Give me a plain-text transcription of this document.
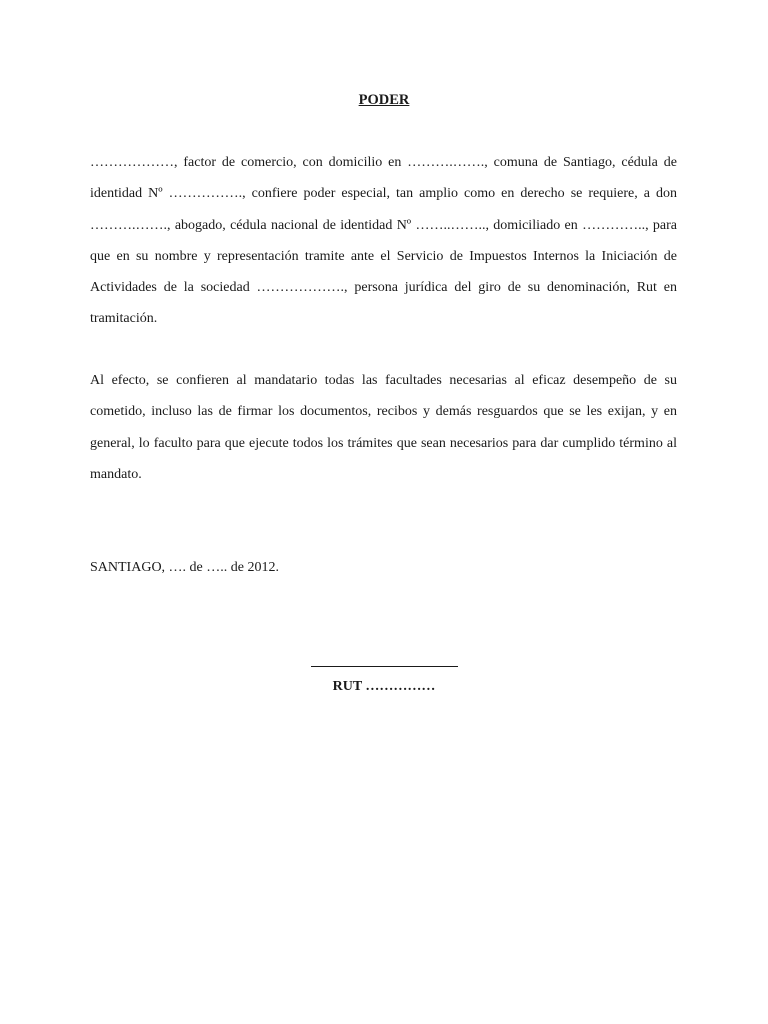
PODER

………………, factor de comercio, con domicilio en ……….……., comuna de Santiago, cédula de identidad Nº ……………., confiere poder especial, tan amplio como en derecho se requiere, a don ……….……., abogado, cédula nacional de identidad Nº ……..…….., domiciliado en ………….., para que en su nombre y representación tramite ante el Servicio de Impuestos Internos la Iniciación de Actividades de la sociedad ………………., persona jurídica del giro de su denominación, Rut en tramitación.

Al efecto, se confieren al mandatario todas las facultades necesarias al eficaz desempeño de su cometido, incluso las de firmar los documentos, recibos y demás resguardos que se les exijan, y en general, lo faculto para que ejecute todos los trámites que sean necesarios para dar cumplido término al mandato.

SANTIAGO, …. de ….. de 2012.

RUT ……………
